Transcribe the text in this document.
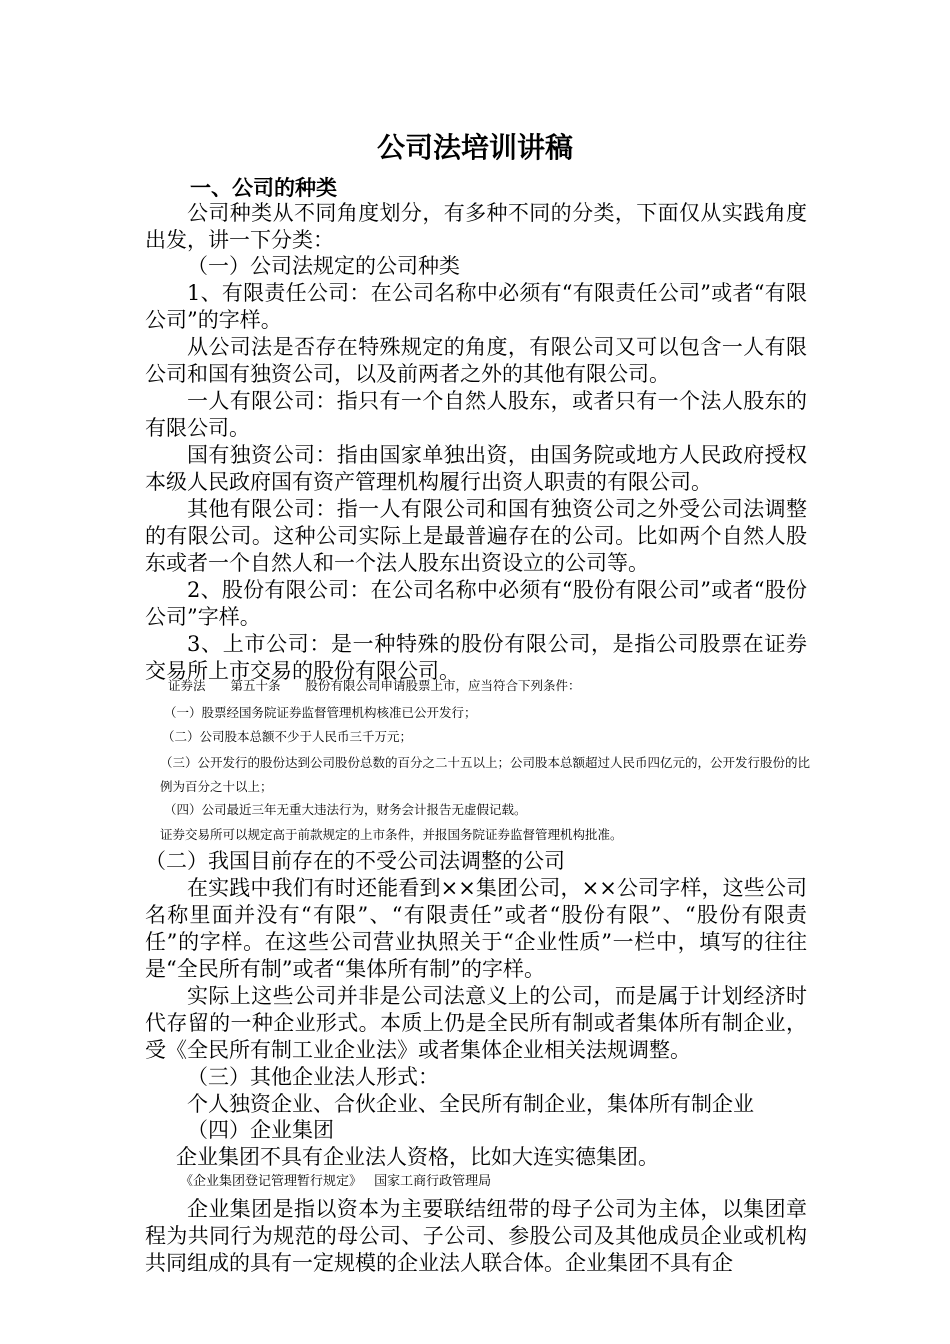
公司法培训讲稿
一、公司的种类

公司种类从不同角度划分，有多种不同的分类，下面仅从实践角度出发，讲一下分类：

（一）公司法规定的公司种类

1、有限责任公司：在公司名称中必须有“有限责任公司”或者“有限公司”的字样。

从公司法是否存在特殊规定的角度，有限公司又可以包含一人有限公司和国有独资公司，以及前两者之外的其他有限公司。

一人有限公司：指只有一个自然人股东，或者只有一个法人股东的有限公司。

国有独资公司：指由国家单独出资，由国务院或地方人民政府授权本级人民政府国有资产管理机构履行出资人职责的有限公司。

其他有限公司：指一人有限公司和国有独资公司之外受公司法调整的有限公司。这种公司实际上是最普遍存在的公司。比如两个自然人股东或者一个自然人和一个法人股东出资设立的公司等。

2、股份有限公司：在公司名称中必须有“股份有限公司”或者“股份公司”字样。

3、上市公司：是一种特殊的股份有限公司，是指公司股票在证券交易所上市交易的股份有限公司。

证券法　　第五十条　　股份有限公司申请股票上市，应当符合下列条件：

（一）股票经国务院证券监督管理机构核准已公开发行；

（二）公司股本总额不少于人民币三千万元；

（三）公开发行的股份达到公司股份总数的百分之二十五以上；公司股本总额超过人民币四亿元的，公开发行股份的比例为百分之十以上；

（四）公司最近三年无重大违法行为，财务会计报告无虚假记载。

证券交易所可以规定高于前款规定的上市条件，并报国务院证券监督管理机构批准。

（二）我国目前存在的不受公司法调整的公司

在实践中我们有时还能看到××集团公司，××公司字样，这些公司名称里面并没有“有限”、“有限责任”或者“股份有限”、“股份有限责任”的字样。在这些公司营业执照关于“企业性质”一栏中，填写的往往是“全民所有制”或者“集体所有制”的字样。

实际上这些公司并非是公司法意义上的公司，而是属于计划经济时代存留的一种企业形式。本质上仍是全民所有制或者集体所有制企业，受《全民所有制工业企业法》或者集体企业相关法规调整。

（三）其他企业法人形式：

个人独资企业、合伙企业、全民所有制企业，集体所有制企业

（四）企业集团

企业集团不具有企业法人资格，比如大连实德集团。

《企业集团登记管理暂行规定》 国家工商行政管理局

企业集团是指以资本为主要联结纽带的母子公司为主体，以集团章程为共同行为规范的母公司、子公司、参股公司及其他成员企业或机构共同组成的具有一定规模的企业法人联合体。企业集团不具有企
